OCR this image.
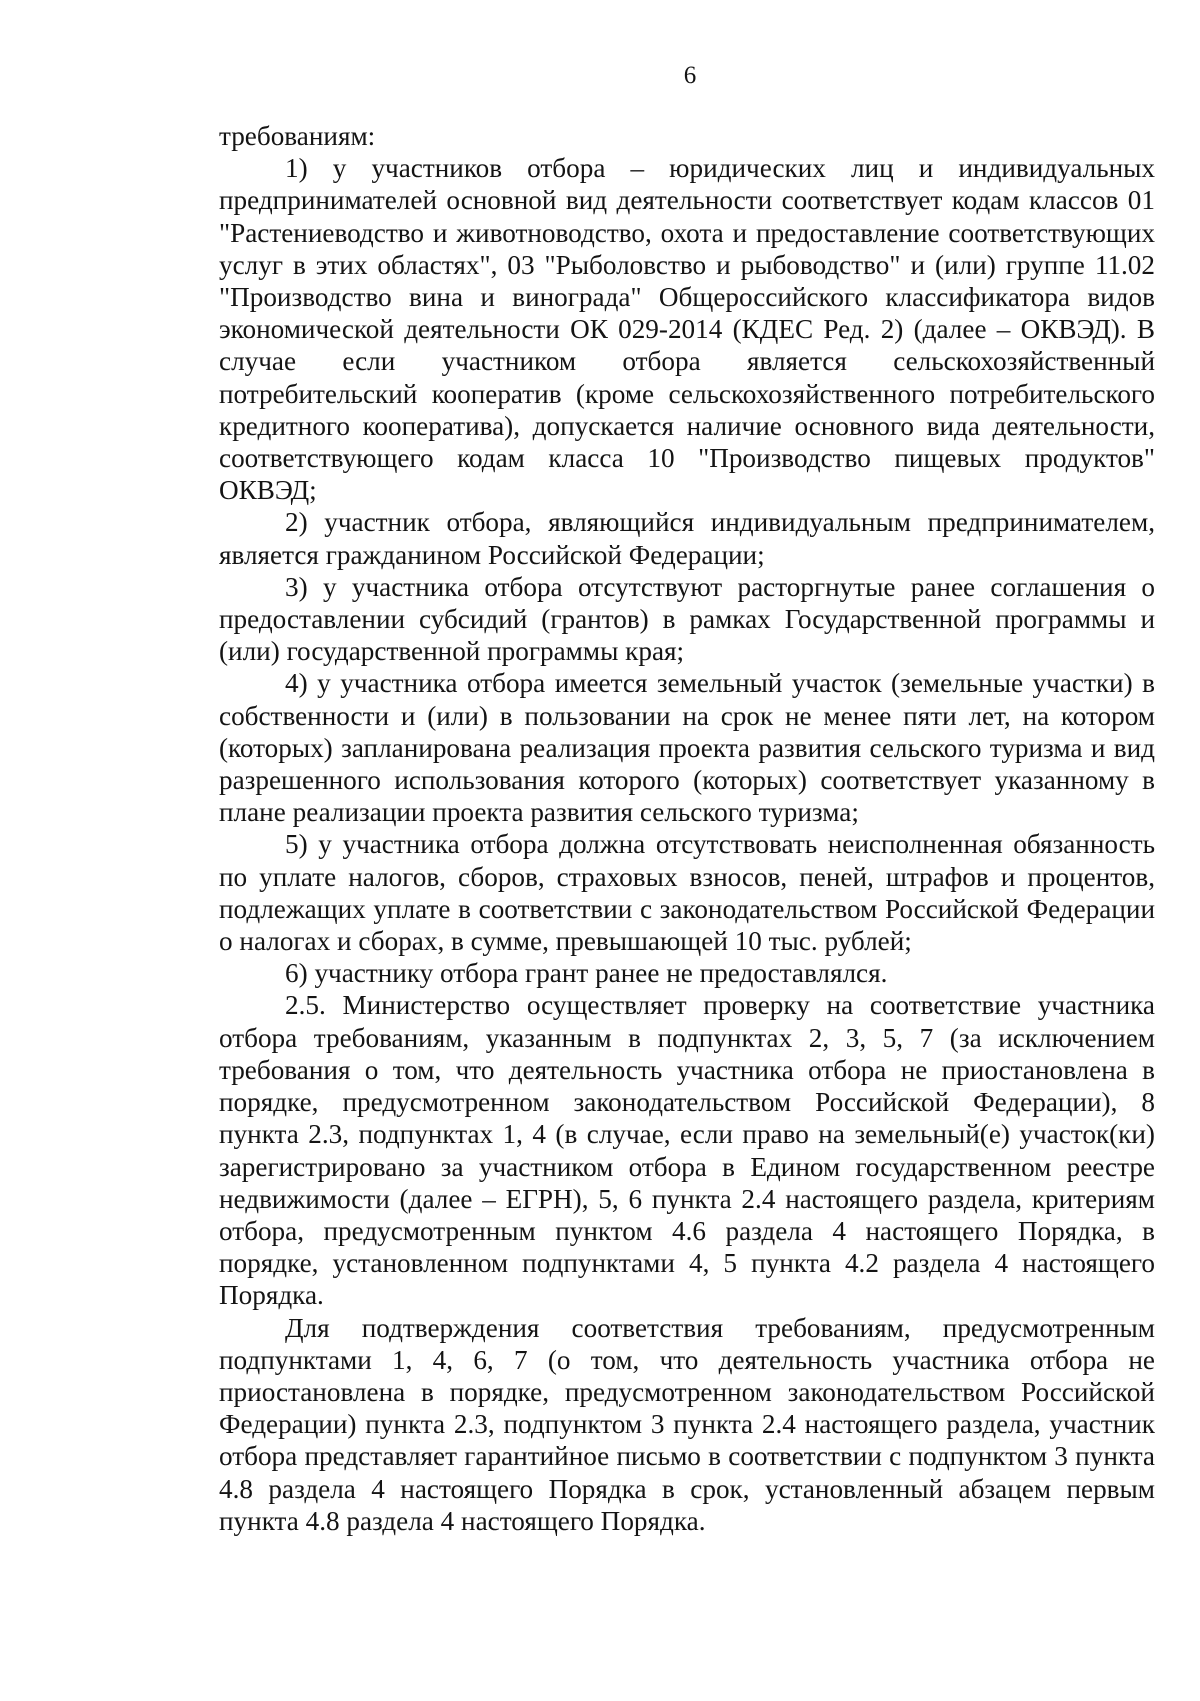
6

требованиям:

1) у участников отбора – юридических лиц и индивидуальных предпринимателей основной вид деятельности соответствует кодам классов 01 "Растениеводство и животноводство, охота и предоставление соответствующих услуг в этих областях", 03 "Рыболовство и рыбоводство" и (или) группе 11.02 "Производство вина и винограда" Общероссийского классификатора видов экономической деятельности ОК 029-2014 (КДЕС Ред. 2) (далее – ОКВЭД). В случае если участником отбора является сельскохозяйственный потребительский кооператив (кроме сельскохозяйственного потребительского кредитного кооператива), допускается наличие основного вида деятельности, соответствующего кодам класса 10 "Производство пищевых продуктов" ОКВЭД;

2) участник отбора, являющийся индивидуальным предпринимателем, является гражданином Российской Федерации;

3) у участника отбора отсутствуют расторгнутые ранее соглашения о предоставлении субсидий (грантов) в рамках Государственной программы и (или) государственной программы края;

4) у участника отбора имеется земельный участок (земельные участки) в собственности и (или) в пользовании на срок не менее пяти лет, на котором (которых) запланирована реализация проекта развития сельского туризма и вид разрешенного использования которого (которых) соответствует указанному в плане реализации проекта развития сельского туризма;

5) у участника отбора должна отсутствовать неисполненная обязанность по уплате налогов, сборов, страховых взносов, пеней, штрафов и процентов, подлежащих уплате в соответствии с законодательством Российской Федерации о налогах и сборах, в сумме, превышающей 10 тыс. рублей;

6) участнику отбора грант ранее не предоставлялся.

2.5. Министерство осуществляет проверку на соответствие участника отбора требованиям, указанным в подпунктах 2, 3, 5, 7 (за исключением требования о том, что деятельность участника отбора не приостановлена в порядке, предусмотренном законодательством Российской Федерации), 8 пункта 2.3, подпунктах 1, 4 (в случае, если право на земельный(е) участок(ки) зарегистрировано за участником отбора в Едином государственном реестре недвижимости (далее – ЕГРН), 5, 6 пункта 2.4 настоящего раздела, критериям отбора, предусмотренным пунктом 4.6 раздела 4 настоящего Порядка, в порядке, установленном подпунктами 4, 5 пункта 4.2 раздела 4 настоящего Порядка.

Для подтверждения соответствия требованиям, предусмотренным подпунктами 1, 4, 6, 7 (о том, что деятельность участника отбора не приостановлена в порядке, предусмотренном законодательством Российской Федерации) пункта 2.3, подпунктом 3 пункта 2.4 настоящего раздела, участник отбора представляет гарантийное письмо в соответствии с подпунктом 3 пункта 4.8 раздела 4 настоящего Порядка в срок, установленный абзацем первым пункта 4.8 раздела 4 настоящего Порядка.
